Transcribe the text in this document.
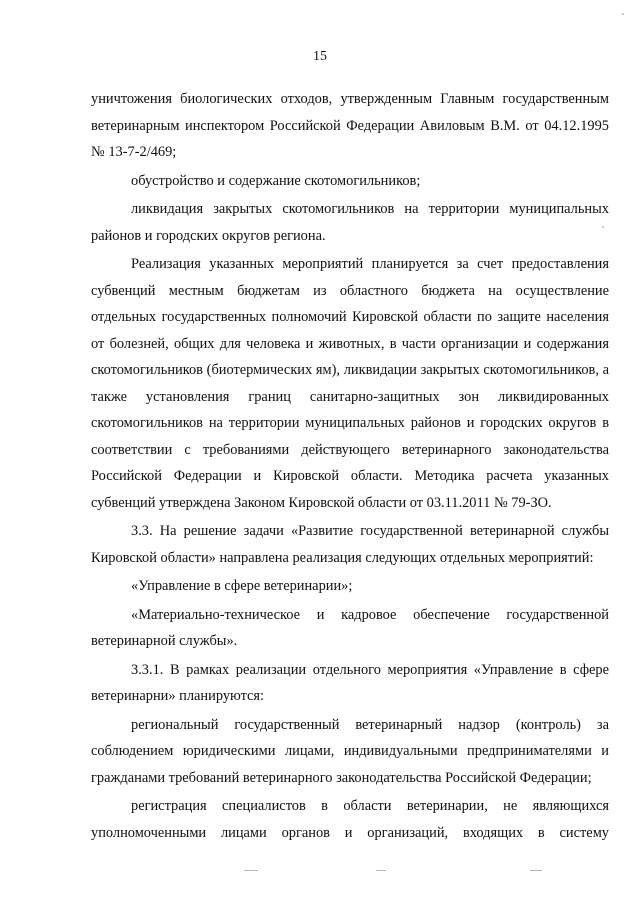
15

уничтожения биологических отходов, утвержденным Главным государственным ветеринарным инспектором Российской Федерации Авиловым В.М. от 04.12.1995 № 13-7-2/469;

обустройство и содержание скотомогильников;

ликвидация закрытых скотомогильников на территории муниципальных районов и городских округов региона.

Реализация указанных мероприятий планируется за счет предоставления субвенций местным бюджетам из областного бюджета на осуществление отдельных государственных полномочий Кировской области по защите населения от болезней, общих для человека и животных, в части организации и содержания скотомогильников (биотермических ям), ликвидации закрытых скотомогильников, а также установления границ санитарно-защитных зон ликвидированных скотомогильников на территории муниципальных районов и городских округов в соответствии с требованиями действующего ветеринарного законодательства Российской Федерации и Кировской области. Методика расчета указанных субвенций утверждена Законом Кировской области от 03.11.2011 № 79-ЗО.

3.3. На решение задачи «Развитие государственной ветеринарной службы Кировской области» направлена реализация следующих отдельных мероприятий:

«Управление в сфере ветеринарии»;

«Материально-техническое и кадровое обеспечение государственной ветеринарной службы».

3.3.1. В рамках реализации отдельного мероприятия «Управление в сфере ветеринарни» планируются:

региональный государственный ветеринарный надзор (контроль) за соблюдением юридическими лицами, индивидуальными предпринимателями и гражданами требований ветеринарного законодательства Российской Федерации;

регистрация специалистов в области ветеринарии, не являющихся уполномоченными лицами органов и организаций, входящих в систему
